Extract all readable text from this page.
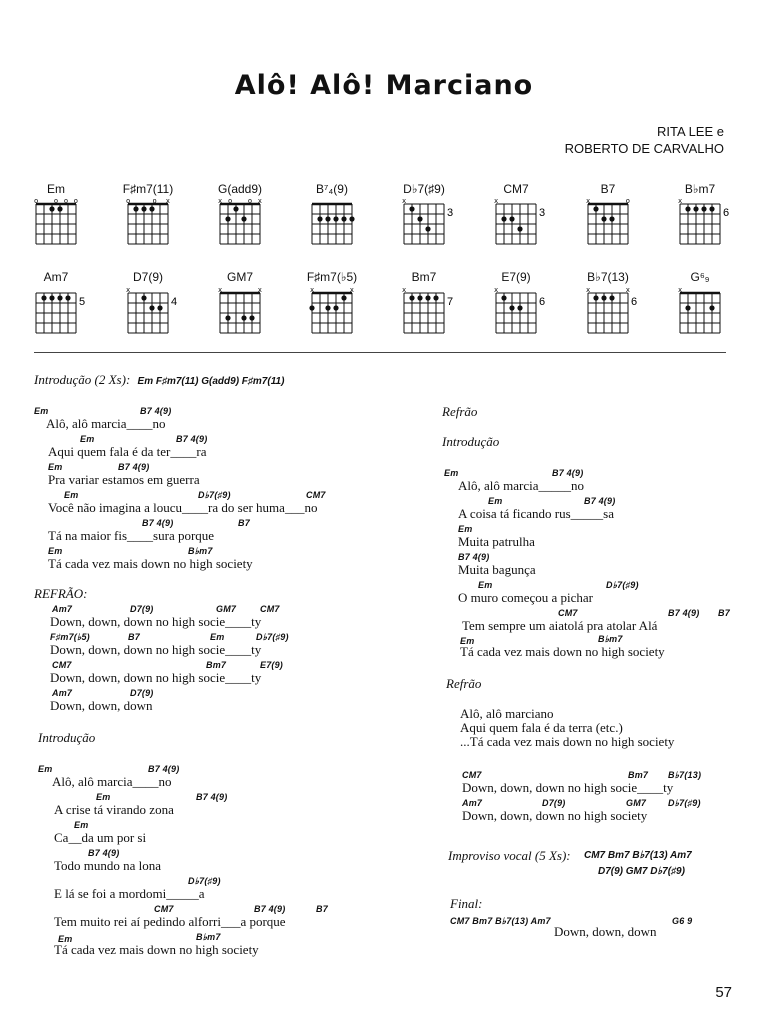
Alô! Alô! Marciano
RITA LEE e
ROBERTO DE CARVALHO
Em
o ooo
F♯m7(11)
o ox
G(add9)
xo ox
B⁷₄(9)	D♭7(♯9)
x
3
CM7
x
3
B7
x o
B♭m7
x
6
Am7
5
D7(9)
x
4
GM7
x x
F♯m7(♭5)
x x
Bm7
x
7
E7(9)
x
6
B♭7(13)
x x
6
G⁶₉
x
Introdução (2 Xs): Em F♯m7(11) G(add9) F♯m7(11)
Em	B7 4(9)
Alô, alô marcia____no
Em	B7 4(9)
Aqui quem fala é da ter____ra
Em	B7 4(9)
Pra variar estamos em guerra
Em	D♭7(♯9)	CM7
Você não imagina a loucu____ra do ser huma___no
B7 4(9)	B7
Tá na maior fis____sura porque
Em	B♭m7
Tá cada vez mais down no high society
REFRÃO:
Am7	D7(9)	GM7	CM7
Down, down, down no high socie____ty
F♯m7(♭5)	B7	Em	D♭7(♯9)
Down, down, down no high socie____ty
CM7	Bm7	E7(9)
Down, down, down no high socie____ty
Am7	D7(9)
Down, down, down
Introdução
Em	B7 4(9)
Alô, alô marcia____no
Em	B7 4(9)
A crise tá virando zona
Em
Ca__da um por si
B7 4(9)
Todo mundo na lona
D♭7(♯9)
E lá se foi a mordomi_____a
CM7	B7 4(9)	B7
Tem muito rei aí pedindo alforri___a porque
Em	B♭m7
Tá cada vez mais down no high society
Refrão
Introdução
Em	B7 4(9)
Alô, alô marcia_____no
Em	B7 4(9)
A coisa tá ficando rus_____sa
Em
Muita patrulha
B7 4(9)
Muita bagunça
Em	D♭7(♯9)
O muro começou a pichar
CM7	B7 4(9) B7
Tem sempre um aiatolá pra atolar Alá
Em	B♭m7
Tá cada vez mais down no high society
Refrão
Alô, alô marciano
Aqui quem fala é da terra (etc.)
...Tá cada vez mais down no high society
CM7	Bm7 B♭7(13)
Down, down, down no high socie____ty
Am7	D7(9)	GM7 D♭7(♯9)
Down, down, down no high society
Improviso vocal (5 Xs): CM7 Bm7 B♭7(13) Am7
D7(9) GM7 D♭7(♯9)
Final:
CM7 Bm7 B♭7(13) Am7	G6 9
Down, down, down
57
